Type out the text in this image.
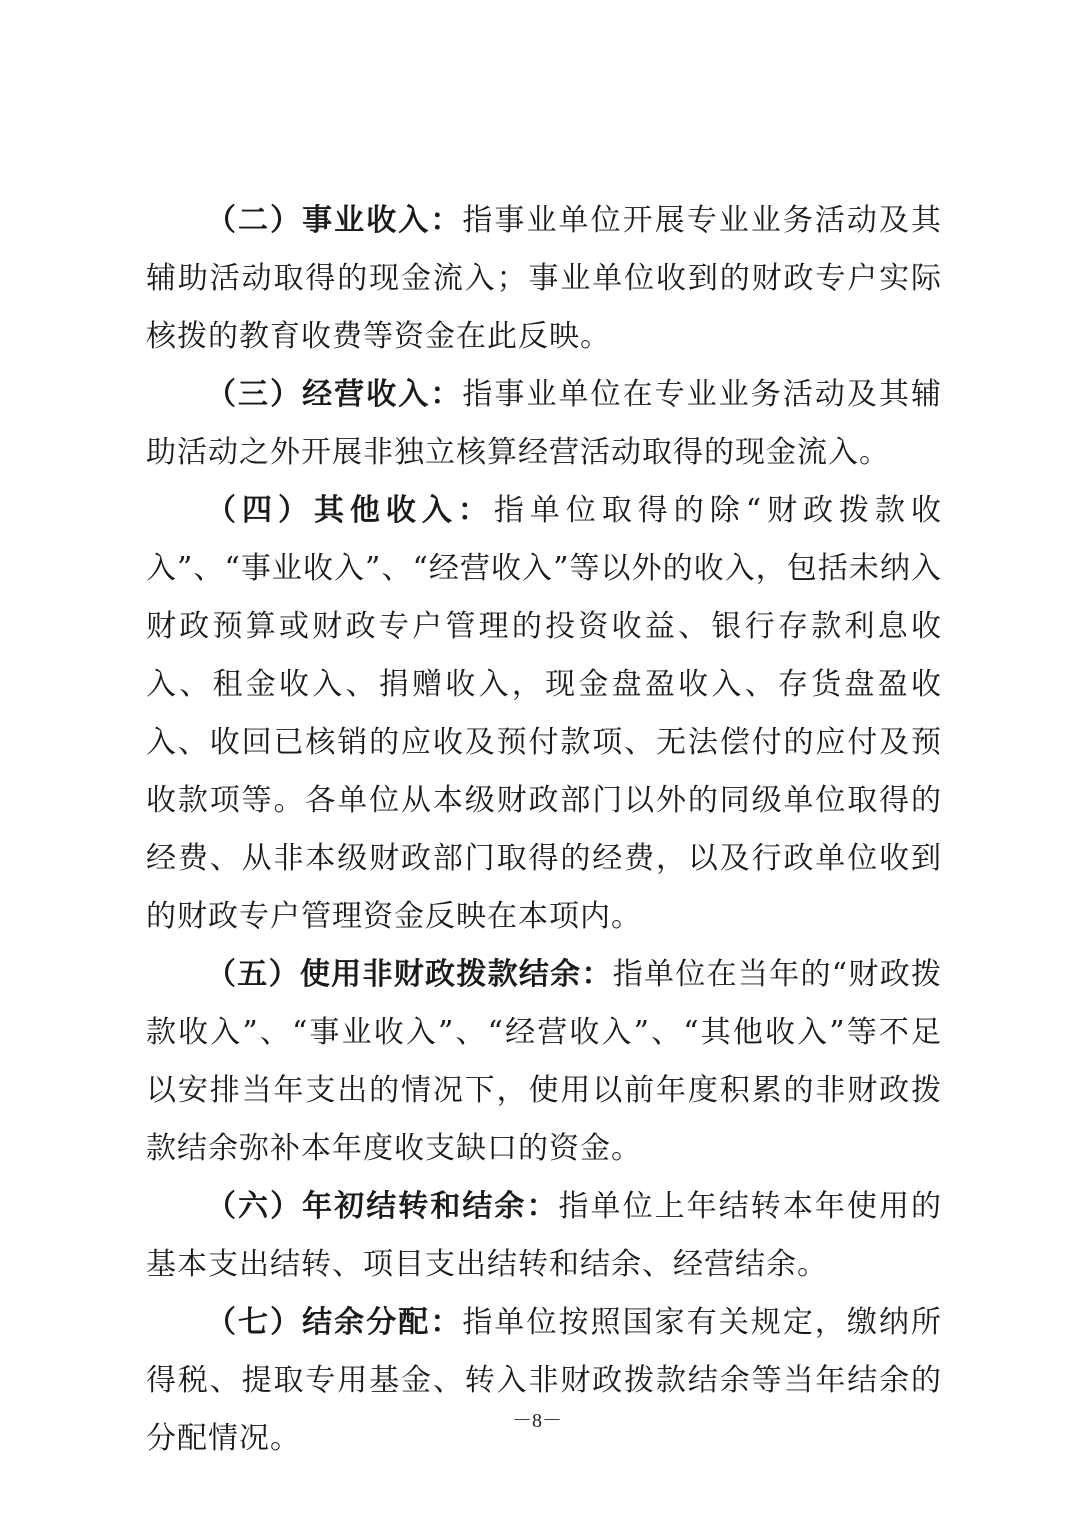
（二）事业收入：指事业单位开展专业业务活动及其辅助活动取得的现金流入；事业单位收到的财政专户实际核拨的教育收费等资金在此反映。

（三）经营收入：指事业单位在专业业务活动及其辅助活动之外开展非独立核算经营活动取得的现金流入。

（四）其他收入：指单位取得的除“财政拨款收入”、“事业收入”、“经营收入”等以外的收入，包括未纳入财政预算或财政专户管理的投资收益、银行存款利息收入、租金收入、捐赠收入，现金盘盈收入、存货盘盈收入、收回已核销的应收及预付款项、无法偿付的应付及预收款项等。各单位从本级财政部门以外的同级单位取得的经费、从非本级财政部门取得的经费，以及行政单位收到的财政专户管理资金反映在本项内。

（五）使用非财政拨款结余：指单位在当年的“财政拨款收入”、“事业收入”、“经营收入”、“其他收入”等不足以安排当年支出的情况下，使用以前年度积累的非财政拨款结余弥补本年度收支缺口的资金。

（六）年初结转和结余：指单位上年结转本年使用的基本支出结转、项目支出结转和结余、经营结余。

（七）结余分配：指单位按照国家有关规定，缴纳所得税、提取专用基金、转入非财政拨款结余等当年结余的分配情况。	－8－
